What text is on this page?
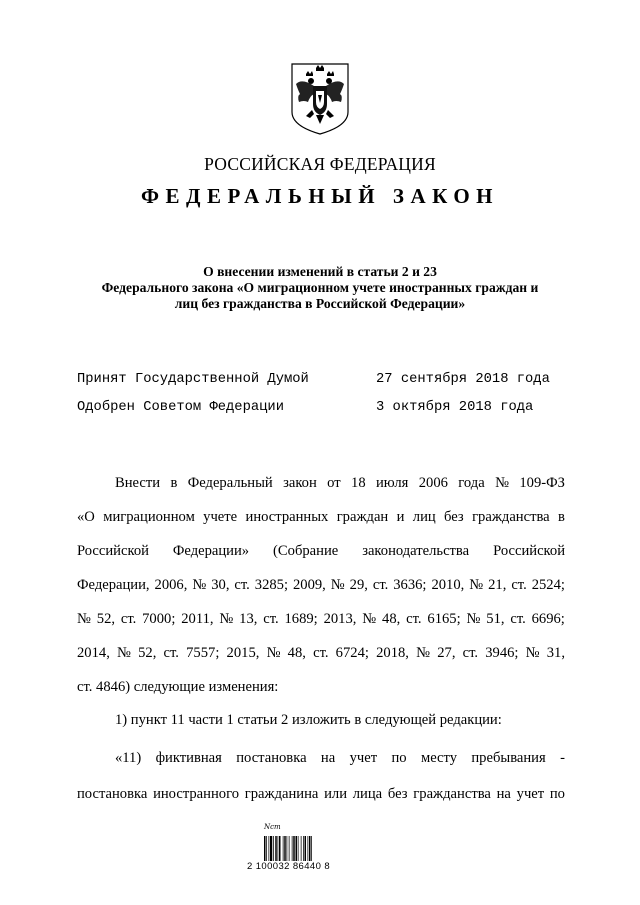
РОССИЙСКАЯ ФЕДЕРАЦИЯ
ФЕДЕРАЛЬНЫЙ ЗАКОН
О внесении изменений в статьи 2 и 23
Федерального закона «О миграционном учете иностранных граждан и
лиц без гражданства в Российской Федерации»
Принят Государственной Думой	27 сентября 2018 года
Одобрен Советом Федерации	3 октября 2018 года
Внести в Федеральный закон от 18 июля 2006 года № 109-ФЗ
«О миграционном учете иностранных граждан и лиц без гражданства в
Российской Федерации» (Собрание законодательства Российской
Федерации, 2006, № 30, ст. 3285; 2009, № 29, ст. 3636; 2010, № 21, ст. 2524;
№ 52, ст. 7000; 2011, № 13, ст. 1689; 2013, № 48, ст. 6165; № 51, ст. 6696;
2014, № 52, ст. 7557; 2015, № 48, ст. 6724; 2018, № 27, ст. 3946; № 31,
ст. 4846) следующие изменения:
1) пункт 11 части 1 статьи 2 изложить в следующей редакции:
«11) фиктивная постановка на учет по месту пребывания -
постановка иностранного гражданина или лица без гражданства на учет по
Ncm
2 100032 86440 8
